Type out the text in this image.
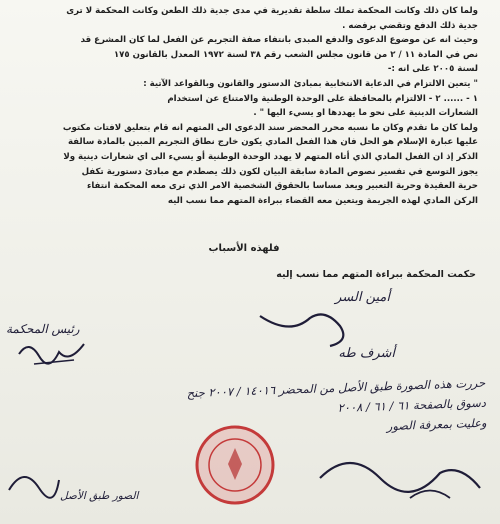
ولما كان ذلك وكانت المحكمة تملك سلطة تقديرية في مدى جدية ذلك الطعن وكانت المحكمة لا ترى

جدية ذلك الدفع وتقضي برفضه .

وحيث انه عن موضوع الدعوى والدفع المبدى بانتفاء صفة التجريم عن الفعل لما كان المشرع قد

نص في المادة ١١ / ٢ من قانون مجلس الشعب رقم ٣٨ لسنة ١٩٧٢ المعدل بالقانون ١٧٥

لسنة ٢٠٠٥ على انه :-

" يتعين الالتزام في الدعاية الانتخابية بمبادئ الدستور والقانون وبالقواعد الآتية :

١ - ...... ٢ - الالتزام بالمحافظة على الوحدة الوطنية والامتناع عن استخدام

الشعارات الدينية على نحو ما يهددها او يسيء اليها " .

ولما كان ما تقدم وكان ما نسبه محرر المحضر سند الدعوى الى المتهم انه قام بتعليق لافتات مكتوب

عليها عبارة الإسلام هو الحل فان هذا الفعل المادي يكون خارج نطاق التجريم المبين بالمادة سالفة

الذكر إذ ان الفعل المادي الذي أتاه المتهم لا يهدد الوحدة الوطنية أو يسيء الى اي شعارات دينية ولا

يجوز التوسع في تفسير نصوص المادة سابقة البيان لكون ذلك يصطدم مع مبادئ دستورية تكفل

حرية العقيدة وحرية التعبير ويعد مساسا بالحقوق الشخصية الامر الذي ترى معه المحكمة انتفاء

الركن المادي لهذه الجريمة ويتعين معه القضاء ببراءة المتهم مما نسب اليه

فلهذه الأسباب
حكمت المحكمة ببراءة المتهم مما نسب إليه
رئيس المحكمة
أمين السر
أشرف طه
حررت هذه الصورة طبق الأصل من المحضر ١٤٠١٦ / ٢٠٠٧ جنح
دسوق بالصفحة ٦١ / ٦١ / ٢٠٠٨
وعليت بمعرفة الصور
الصور طبق الأصل
